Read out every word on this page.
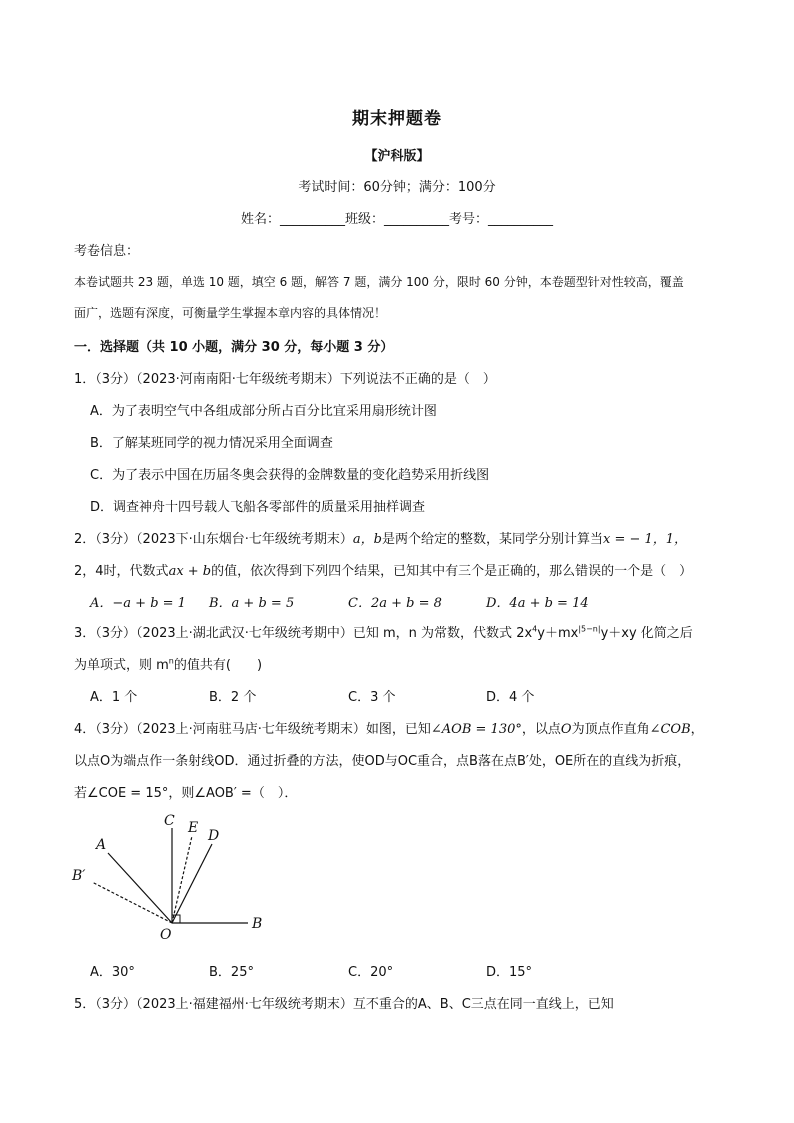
期末押题卷
【沪科版】
考试时间：60分钟；满分：100分
姓名：__________班级：__________考号：__________
考卷信息：
本卷试题共 23 题，单选 10 题，填空 6 题，解答 7 题，满分 100 分，限时 60 分钟，本卷题型针对性较高，覆盖
面广，选题有深度，可衡量学生掌握本章内容的具体情况！
一．选择题（共 10 小题，满分 30 分，每小题 3 分）
1．（3分）（2023·河南南阳·七年级统考期末）下列说法不正确的是（　）
A．为了表明空气中各组成部分所占百分比宜采用扇形统计图
B．了解某班同学的视力情况采用全面调查
C．为了表示中国在历届冬奥会获得的金牌数量的变化趋势采用折线图
D．调查神舟十四号载人飞船各零部件的质量采用抽样调查
2．（3分）（2023下·山东烟台·七年级统考期末）a，b是两个给定的整数，某同学分别计算当x = − 1，1，
2，4时，代数式ax + b的值，依次得到下列四个结果，已知其中有三个是正确的，那么错误的一个是（　）
A．−a + b = 1 B．a + b = 5	C．2a + b = 8	D．4a + b = 14
3．（3分）（2023上·湖北武汉·七年级统考期中）已知 m，n 为常数，代数式 $2x^4y+mx^{|5-n|}y+xy$ 化简之后
为单项式，则 $m^n$的值共有(　　)
4．（3分）（2023上·河南驻马店·七年级统考期末）如图，已知∠AOB = 130°，以点O为顶点作直角∠COB，
以点O为端点作一条射线OD．通过折叠的方法，使OD与OC重合，点B落在点B′处，OE所在的直线为折痕，
若∠COE = 15°，则∠AOB′ =（　）．
A
B′
C E D
O
B
A．30°	B．25°	C．20°	D．15°
5．（3分）（2023上·福建福州·七年级统考期末）互不重合的A、B、C三点在同一直线上，已知
A．1 个	B．2 个	C．3 个	D．4 个
